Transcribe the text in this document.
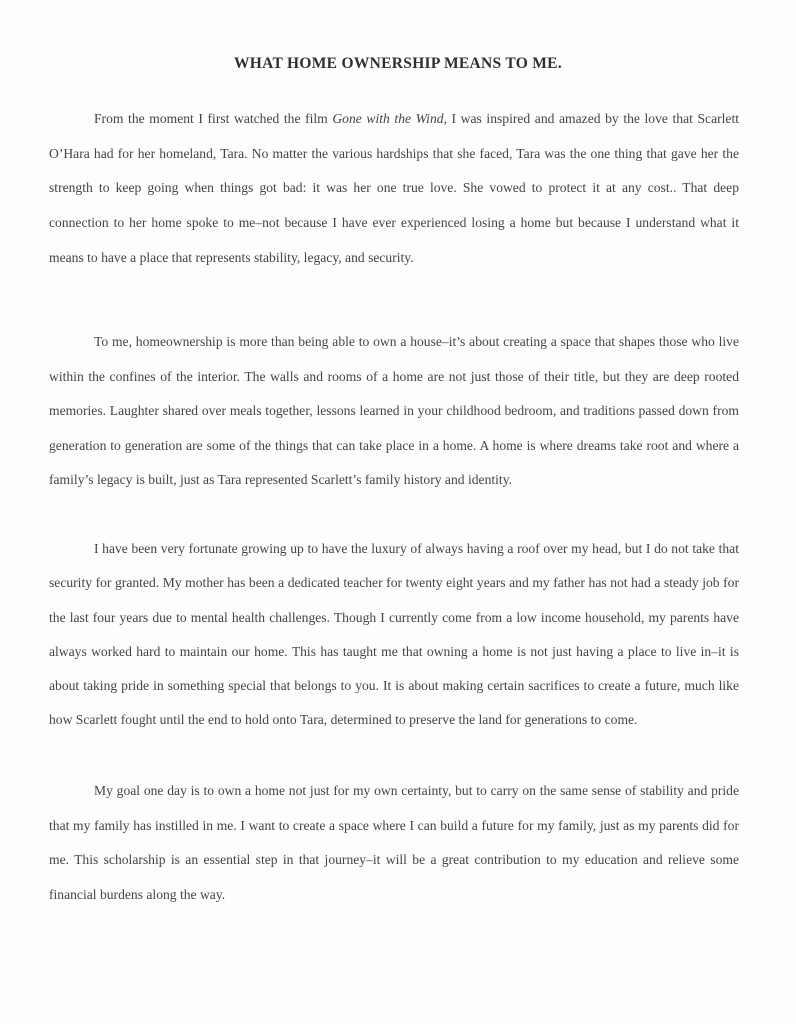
WHAT HOME OWNERSHIP MEANS TO ME.

From the moment I first watched the film Gone with the Wind, I was inspired and amazed by the love that Scarlett O’Hara had for her homeland, Tara. No matter the various hardships that she faced, Tara was the one thing that gave her the strength to keep going when things got bad: it was her one true love. She vowed to protect it at any cost.. That deep connection to her home spoke to me–not because I have ever experienced losing a home but because I understand what it means to have a place that represents stability, legacy, and security.

To me, homeownership is more than being able to own a house–it’s about creating a space that shapes those who live within the confines of the interior. The walls and rooms of a home are not just those of their title, but they are deep rooted memories. Laughter shared over meals together, lessons learned in your childhood bedroom, and traditions passed down from generation to generation are some of the things that can take place in a home. A home is where dreams take root and where a family’s legacy is built, just as Tara represented Scarlett’s family history and identity.

I have been very fortunate growing up to have the luxury of always having a roof over my head, but I do not take that security for granted. My mother has been a dedicated teacher for twenty eight years and my father has not had a steady job for the last four years due to mental health challenges. Though I currently come from a low income household, my parents have always worked hard to maintain our home. This has taught me that owning a home is not just having a place to live in–it is about taking pride in something special that belongs to you. It is about making certain sacrifices to create a future, much like how Scarlett fought until the end to hold onto Tara, determined to preserve the land for generations to come.

My goal one day is to own a home not just for my own certainty, but to carry on the same sense of stability and pride that my family has instilled in me. I want to create a space where I can build a future for my family, just as my parents did for me. This scholarship is an essential step in that journey–it will be a great contribution to my education and relieve some financial burdens along the way.
